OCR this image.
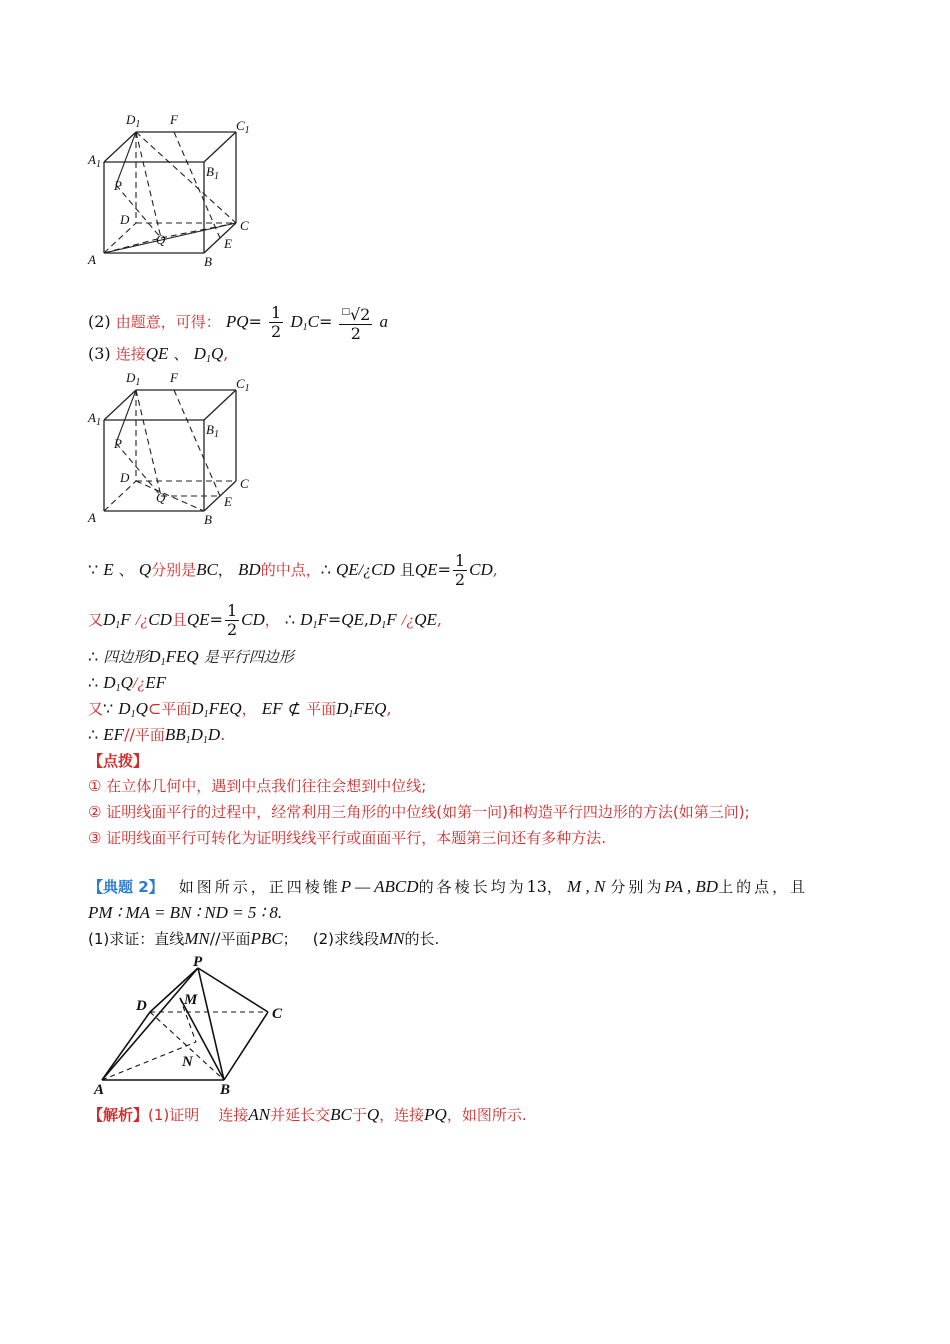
$D_1$ F	$C_1$
$A_1$	$B_1$
P
D	C
Q	E
A	B
(2) 由题意，可得： $PQ= \frac{1}{2} D_1C= \frac{^□√2}{2}$ a
(3) 连接QE 、 $D_1Q$,
$D_1$ F	$C_1$
$A_1$	$B_1$
P
D	C
Q	E
A	B
∵ E 、 Q分别是BC， BD的中点，∴ QE/¿CD 且$QE= \frac{1}{2}$ CD,
又$D_1F$ /¿CD且$QE= \frac{1}{2}$ CD， ∴ $D_1F=QE,D_1F$ /¿QE,
∴ 四边形$D_1FEQ$ 是平行四边形
∴ $D_1Q/¿EF$
又∵ $D_1Q\subset$平面$D_1FEQ$， EF ⊄ 平面$D_1FEQ$,
∴ EF//平面$BB_1D_1D$.
【点拨】
① 在立体几何中，遇到中点我们往往会想到中位线;
② 证明线面平行的过程中，经常利用三角形的中位线(如第一问)和构造平行四边形的方法(如第三问);
③ 证明线面平行可转化为证明线线平行或面面平行，本题第三问还有多种方法.
【典题 2】 如图所示，正四棱锥P — ABCD的各棱长均为13， M , N 分别为PA , BD上的点，且
PM ∶ MA = BN ∶ ND = 5 ∶ 8.
(1)求证：直线MN//平面PBC； (2)求线段MN的长.
P
D M
C
N
A	B
【解析】(1)证明 连接AN并延长交BC于Q，连接PQ，如图所示.
